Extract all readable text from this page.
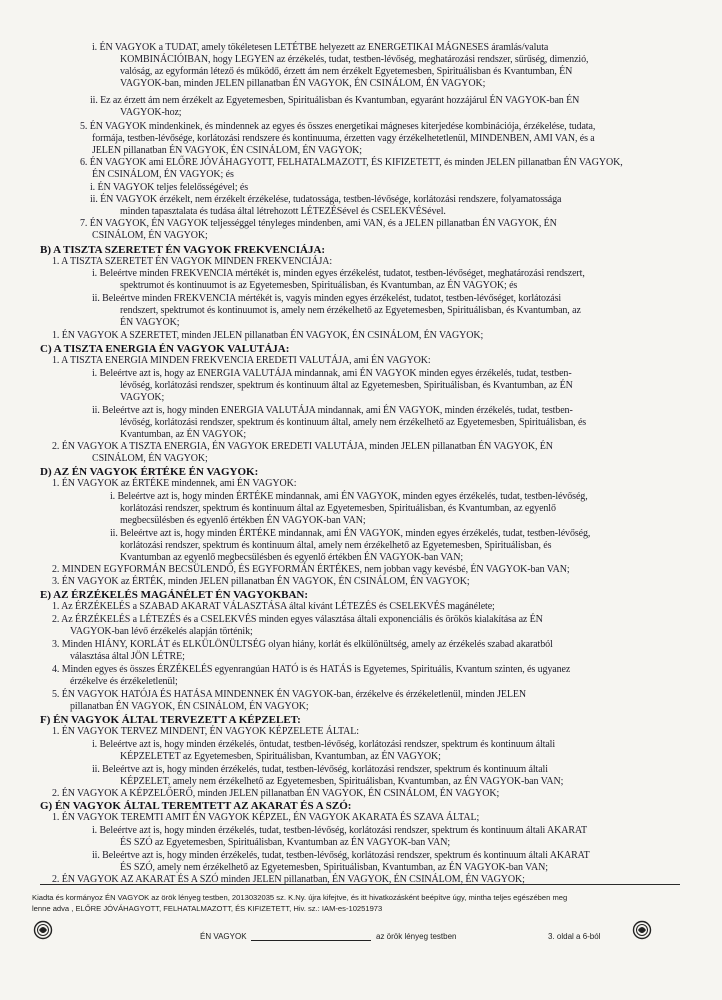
i. ÉN VAGYOK a TUDAT, amely tökéletesen LETÉTBE helyezett az ENERGETIKAI MÁGNESES áramlás/valuta
KOMBINÁCIÓIBAN, hogy LEGYEN az érzékelés, tudat, testben-lévőség, meghatározási rendszer, sűrűség, dimenzió,
valóság, az egyformán létező és működő, érzett ám nem érzékelt Egyetemesben, Spirituálisban és Kvantumban, ÉN
VAGYOK-ban, minden JELEN pillanatban ÉN VAGYOK, ÉN CSINÁLOM, ÉN VAGYOK;
ii. Ez az érzett ám nem érzékelt az Egyetemesben, Spirituálisban és Kvantumban, egyaránt hozzájárul ÉN VAGYOK-ban ÉN
VAGYOK-hoz;
5. ÉN VAGYOK mindenkinek, és mindennek az egyes és összes energetikai mágneses kiterjedése kombinációja, érzékelése, tudata,
formája, testben-lévősége, korlátozási rendszere és kontinuuma, érzetten vagy érzékelhetetlenül, MINDENBEN, AMI VAN, és a
JELEN pillanatban ÉN VAGYOK, ÉN CSINÁLOM, ÉN VAGYOK;
6. ÉN VAGYOK ami ELŐRE JÓVÁHAGYOTT, FELHATALMAZOTT, ÉS KIFIZETETT, és minden JELEN pillanatban ÉN VAGYOK,
ÉN CSINÁLOM, ÉN VAGYOK; és
i. ÉN VAGYOK teljes felelősségével; és
ii. ÉN VAGYOK érzékelt, nem érzékelt érzékelése, tudatossága, testben-lévősége, korlátozási rendszere, folyamatossága
minden tapasztalata és tudása által létrehozott LÉTEZÉSével és CSELEKVÉSével.
7. ÉN VAGYOK, ÉN VAGYOK teljességgel tényleges mindenben, ami VAN, és a JELEN pillanatban ÉN VAGYOK, ÉN
CSINÁLOM, ÉN VAGYOK;
B) A TISZTA SZERETET ÉN VAGYOK FREKVENCIÁJA:
1. A TISZTA SZERETET ÉN VAGYOK MINDEN FREKVENCIÁJA:
i. Beleértve minden FREKVENCIA mértékét is, minden egyes érzékelést, tudatot, testben-lévőséget, meghatározási rendszert,
spektrumot és kontinuumot is az Egyetemesben, Spirituálisban, és Kvantumban, az ÉN VAGYOK; és
ii. Beleértve minden FREKVENCIA mértékét is, vagyis minden egyes érzékelést, tudatot, testben-lévőséget, korlátozási
rendszert, spektrumot és kontinuumot is, amely nem érzékelhető az Egyetemesben, Spirituálisban, és Kvantumban, az
ÉN VAGYOK;
1. ÉN VAGYOK A SZERETET, minden JELEN pillanatban ÉN VAGYOK, ÉN CSINÁLOM, ÉN VAGYOK;
C) A TISZTA ENERGIA ÉN VAGYOK VALUTÁJA:
1. A TISZTA ENERGIA MINDEN FREKVENCIA EREDETI VALUTÁJA, ami ÉN VAGYOK:
i. Beleértve azt is, hogy az ENERGIA VALUTÁJA mindannak, ami ÉN VAGYOK minden egyes érzékelés, tudat, testben-
lévőség, korlátozási rendszer, spektrum és kontinuum által az Egyetemesben, Spirituálisban, és Kvantumban, az ÉN
VAGYOK;
ii. Beleértve azt is, hogy minden ENERGIA VALUTÁJA mindannak, ami ÉN VAGYOK, minden érzékelés, tudat, testben-
lévőség, korlátozási rendszer, spektrum és kontinuum által, amely nem érzékelhető az Egyetemesben, Spirituálisban, és
Kvantumban, az ÉN VAGYOK;
2. ÉN VAGYOK A TISZTA ENERGIA, ÉN VAGYOK EREDETI VALUTÁJA, minden JELEN pillanatban ÉN VAGYOK, ÉN
CSINÁLOM, ÉN VAGYOK;
D) AZ ÉN VAGYOK ÉRTÉKE ÉN VAGYOK:
1. ÉN VAGYOK az ÉRTÉKE mindennek, ami ÉN VAGYOK:
i. Beleértve azt is, hogy minden ÉRTÉKE mindannak, ami ÉN VAGYOK, minden egyes érzékelés, tudat, testben-lévőség,
korlátozási rendszer, spektrum és kontinuum által az Egyetemesben, Spirituálisban, és Kvantumban, az egyenlő
megbecsülésben és egyenlő értékben ÉN VAGYOK-ban VAN;
ii. Beleértve azt is, hogy minden ÉRTÉKE mindannak, ami ÉN VAGYOK, minden egyes érzékelés, tudat, testben-lévőség,
korlátozási rendszer, spektrum és kontinuum által, amely nem érzékelhető az Egyetemesben, Spirituálisban, és
Kvantumban az egyenlő megbecsülésben és egyenlő értékben ÉN VAGYOK-ban VAN;
2. MINDEN EGYFORMÁN BECSÜLENDŐ, ÉS EGYFORMÁN ÉRTÉKES, nem jobban vagy kevésbé, ÉN VAGYOK-ban VAN;
3. ÉN VAGYOK az ÉRTÉK, minden JELEN pillanatban ÉN VAGYOK, ÉN CSINÁLOM, ÉN VAGYOK;
E) AZ ÉRZÉKELÉS MAGÁNÉLET ÉN VAGYOKBAN:
1. Az ÉRZÉKELÉS a SZABAD AKARAT VÁLASZTÁSA által kívánt LÉTEZÉS és CSELEKVÉS magánélete;
2. Az ÉRZÉKELÉS a LÉTEZÉS és a CSELEKVÉS minden egyes választása általi exponenciális és örökös kialakítása az ÉN
VAGYOK-ban lévő érzékelés alapján történik;
3. Minden HIÁNY, KORLÁT és ELKÜLÖNÜLTSÉG olyan hiány, korlát és elkülönültség, amely az érzékelés szabad akaratból
választása által JÖN LÉTRE;
4. Minden egyes és összes ÉRZÉKELÉS egyenrangúan HATÓ is és HATÁS is Egyetemes, Spirituális, Kvantum szinten, és ugyanez
érzékelve és érzékeletlenül;
5. ÉN VAGYOK HATÓJA ÉS HATÁSA MINDENNEK ÉN VAGYOK-ban, érzékelve és érzékeletlenül, minden JELEN
pillanatban ÉN VAGYOK, ÉN CSINÁLOM, ÉN VAGYOK;
F) ÉN VAGYOK ÁLTAL TERVEZETT A KÉPZELET:
1. ÉN VAGYOK TERVEZ MINDENT, ÉN VAGYOK KÉPZELETE ÁLTAL:
i. Beleértve azt is, hogy minden érzékelés, öntudat, testben-lévőség, korlátozási rendszer, spektrum és kontinuum általi
KÉPZELETET az Egyetemesben, Spirituálisban, Kvantumban, az ÉN VAGYOK;
ii. Beleértve azt is, hogy minden érzékelés, tudat, testben-lévőség, korlátozási rendszer, spektrum és kontinuum általi
KÉPZELET, amely nem érzékelhető az Egyetemesben, Spirituálisban, Kvantumban, az ÉN VAGYOK-ban VAN;
2. ÉN VAGYOK A KÉPZELŐERŐ, minden JELEN pillanatban ÉN VAGYOK, ÉN CSINÁLOM, ÉN VAGYOK;
G) ÉN VAGYOK ÁLTAL TEREMTETT AZ AKARAT ÉS A SZÓ:
1. ÉN VAGYOK TEREMTI AMIT ÉN VAGYOK KÉPZEL, ÉN VAGYOK AKARATA ÉS SZAVA ÁLTAL;
i. Beleértve azt is, hogy minden érzékelés, tudat, testben-lévőség, korlátozási rendszer, spektrum és kontinuum általi AKARAT
ÉS SZÓ az Egyetemesben, Spirituálisban, Kvantumban az ÉN VAGYOK-ban VAN;
ii. Beleértve azt is, hogy minden érzékelés, tudat, testben-lévőség, korlátozási rendszer, spektrum és kontinuum általi AKARAT
ÉS SZÓ, amely nem érzékelhető az Egyetemesben, Spirituálisban, Kvantumban, az ÉN VAGYOK-ban VAN;
2. ÉN VAGYOK AZ AKARAT ÉS A SZÓ minden JELEN pillanatban, ÉN VAGYOK, ÉN CSINÁLOM, ÉN VAGYOK;
Kiadta és kormányoz ÉN VAGYOK az örök lényeg testben, 2013032035 sz. K.Ny. újra kifejtve, és itt hivatkozásként beépítve úgy, mintha teljes egészében meg
lenne adva , ELŐRE JÓVÁHAGYOTT, FELHATALMAZOTT, ÉS KIFIZETETT, Hiv. sz.: IAM-es-10251973
ÉN VAGYOK	az örök lényeg testben	3. oldal a 6-ból
